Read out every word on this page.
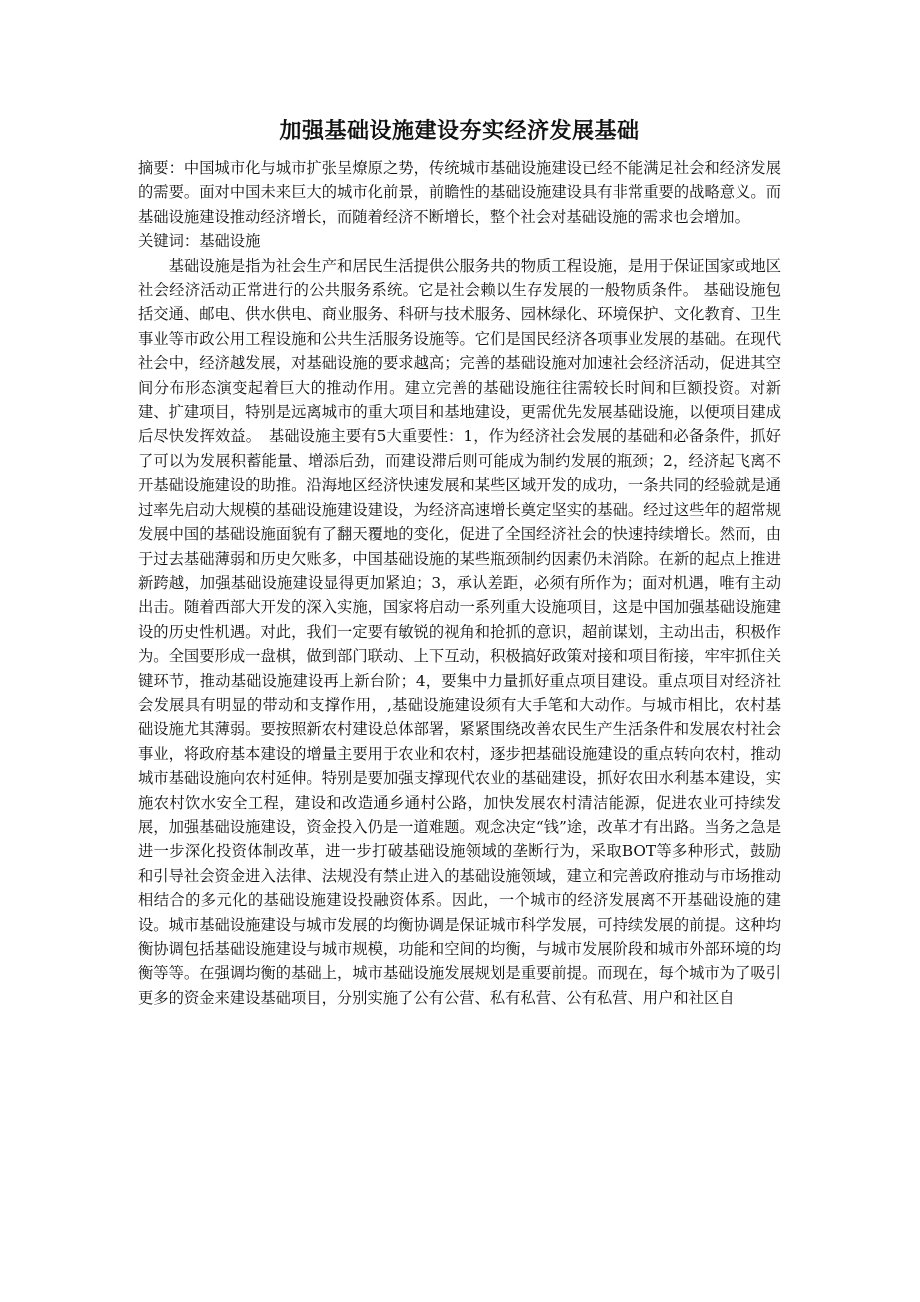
加强基础设施建设夯实经济发展基础

摘要：中国城市化与城市扩张呈燎原之势，传统城市基础设施建设已经不能满足社会和经济发展的需要。面对中国未来巨大的城市化前景，前瞻性的基础设施建设具有非常重要的战略意义。而基础设施建设推动经济增长，而随着经济不断增长，整个社会对基础设施的需求也会增加。

关键词：基础设施

基础设施是指为社会生产和居民生活提供公服务共的物质工程设施，是用于保证国家或地区社会经济活动正常进行的公共服务系统。它是社会赖以生存发展的一般物质条件。 基础设施包括交通、邮电、供水供电、商业服务、科研与技术服务、园林绿化、环境保护、文化教育、卫生事业等市政公用工程设施和公共生活服务设施等。它们是国民经济各项事业发展的基础。在现代社会中，经济越发展，对基础设施的要求越高；完善的基础设施对加速社会经济活动，促进其空间分布形态演变起着巨大的推动作用。建立完善的基础设施往往需较长时间和巨额投资。对新建、扩建项目，特别是远离城市的重大项目和基地建设，更需优先发展基础设施，以便项目建成后尽快发挥效益。　基础设施主要有5大重要性：1，作为经济社会发展的基础和必备条件，抓好了可以为发展积蓄能量、增添后劲，而建设滞后则可能成为制约发展的瓶颈；2，经济起飞离不开基础设施建设的助推。沿海地区经济快速发展和某些区域开发的成功，一条共同的经验就是通过率先启动大规模的基础设施建设建设，为经济高速增长奠定坚实的基础。经过这些年的超常规发展中国的基础设施面貌有了翻天覆地的变化，促进了全国经济社会的快速持续增长。然而，由于过去基础薄弱和历史欠账多，中国基础设施的某些瓶颈制约因素仍未消除。在新的起点上推进新跨越，加强基础设施建设显得更加紧迫；3，承认差距，必须有所作为；面对机遇，唯有主动出击。随着西部大开发的深入实施，国家将启动一系列重大设施项目，这是中国加强基础设施建设的历史性机遇。对此，我们一定要有敏锐的视角和抢抓的意识，超前谋划，主动出击，积极作为。全国要形成一盘棋，做到部门联动、上下互动，积极搞好政策对接和项目衔接，牢牢抓住关键环节，推动基础设施建设再上新台阶；4，要集中力量抓好重点项目建设。重点项目对经济社会发展具有明显的带动和支撑作用，,基础设施建设须有大手笔和大动作。与城市相比，农村基础设施尤其薄弱。要按照新农村建设总体部署，紧紧围绕改善农民生产生活条件和发展农村社会事业，将政府基本建设的增量主要用于农业和农村，逐步把基础设施建设的重点转向农村，推动城市基础设施向农村延伸。特别是要加强支撑现代农业的基础建设，抓好农田水利基本建设，实施农村饮水安全工程，建设和改造通乡通村公路，加快发展农村清洁能源，促进农业可持续发展，加强基础设施建设，资金投入仍是一道难题。观念决定“钱”途，改革才有出路。当务之急是进一步深化投资体制改革，进一步打破基础设施领域的垄断行为，采取BOT等多种形式，鼓励和引导社会资金进入法律、法规没有禁止进入的基础设施领域，建立和完善政府推动与市场推动相结合的多元化的基础设施建设投融资体系。因此，一个城市的经济发展离不开基础设施的建设。城市基础设施建设与城市发展的均衡协调是保证城市科学发展，可持续发展的前提。这种均衡协调包括基础设施建设与城市规模，功能和空间的均衡，与城市发展阶段和城市外部环境的均衡等等。在强调均衡的基础上，城市基础设施发展规划是重要前提。而现在，每个城市为了吸引更多的资金来建设基础项目，分别实施了公有公营、私有私营、公有私营、用户和社区自
